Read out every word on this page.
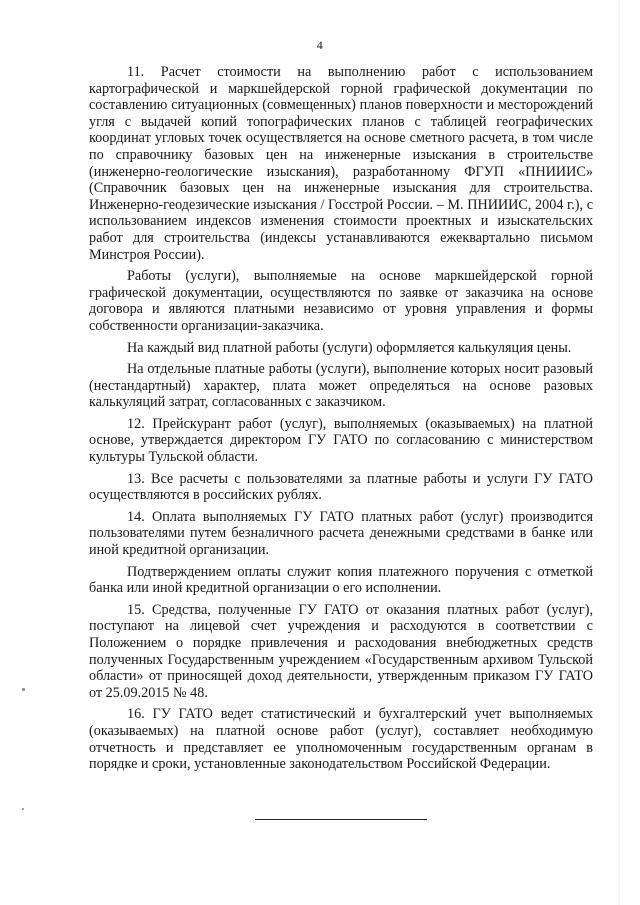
4

11. Расчет стоимости на выполнению работ с использованием картографической и маркшейдерской горной графической документации по составлению ситуационных (совмещенных) планов поверхности и месторождений угля с выдачей копий топографических планов с таблицей географических координат угловых точек осуществляется на основе сметного расчета, в том числе по справочнику базовых цен на инженерные изыскания в строительстве (инженерно-геологические изыскания), разработанному ФГУП «ПНИИИС» (Справочник базовых цен на инженерные изыскания для строительства. Инженерно-геодезические изыскания / Госстрой России. – М. ПНИИИС, 2004 г.), с использованием индексов изменения стоимости проектных и изыскательских работ для строительства (индексы устанавливаются ежеквартально письмом Минстроя России).

Работы (услуги), выполняемые на основе маркшейдерской горной графической документации, осуществляются по заявке от заказчика на основе договора и являются платными независимо от уровня управления и формы собственности организации-заказчика.

На каждый вид платной работы (услуги) оформляется калькуляция цены.

На отдельные платные работы (услуги), выполнение которых носит разовый (нестандартный) характер, плата может определяться на основе разовых калькуляций затрат, согласованных с заказчиком.

12. Прейскурант работ (услуг), выполняемых (оказываемых) на платной основе, утверждается директором ГУ ГАТО по согласованию с министерством культуры Тульской области.

13. Все расчеты с пользователями за платные работы и услуги ГУ ГАТО осуществляются в российских рублях.

14. Оплата выполняемых ГУ ГАТО платных работ (услуг) производится пользователями путем безналичного расчета денежными средствами в банке или иной кредитной организации.

Подтверждением оплаты служит копия платежного поручения с отметкой банка или иной кредитной организации о его исполнении.

15. Средства, полученные ГУ ГАТО от оказания платных работ (услуг), поступают на лицевой счет учреждения и расходуются в соответствии с Положением о порядке привлечения и расходования внебюджетных средств полученных Государственным учреждением «Государственным архивом Тульской области» от приносящей доход деятельности, утвержденным приказом ГУ ГАТО от 25.09.2015 № 48.

16. ГУ ГАТО ведет статистический и бухгалтерский учет выполняемых (оказываемых) на платной основе работ (услуг), составляет необходимую отчетность и представляет ее уполномоченным государственным органам в порядке и сроки, установленные законодательством Российской Федерации.
